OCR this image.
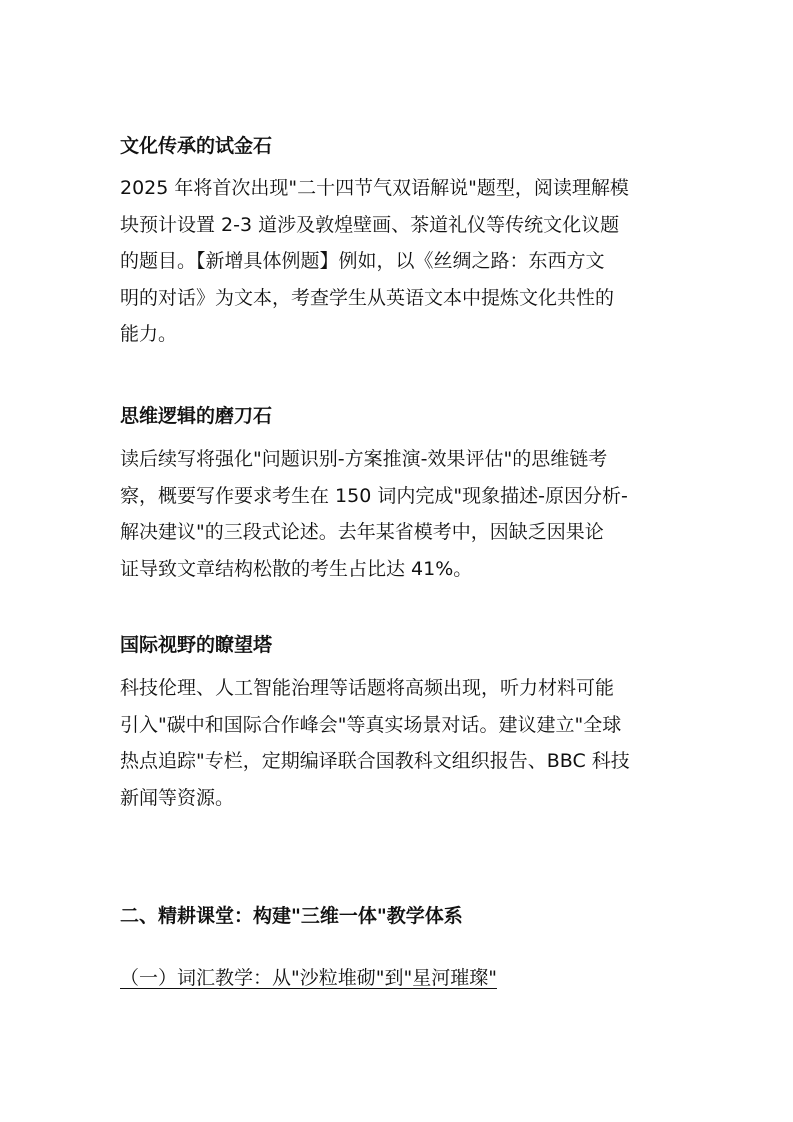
文化传承的试金石
2025 年将首次出现"二十四节气双语解说"题型，阅读理解模
块预计设置 2-3 道涉及敦煌壁画、茶道礼仪等传统文化议题
的题目。【新增具体例题】例如，以《丝绸之路：东西方文
明的对话》为文本，考查学生从英语文本中提炼文化共性的
能力。
思维逻辑的磨刀石
读后续写将强化"问题识别-方案推演-效果评估"的思维链考
察，概要写作要求考生在 150 词内完成"现象描述-原因分析-
解决建议"的三段式论述。去年某省模考中，因缺乏因果论
证导致文章结构松散的考生占比达 41%。
国际视野的瞭望塔
科技伦理、人工智能治理等话题将高频出现，听力材料可能
引入"碳中和国际合作峰会"等真实场景对话。建议建立"全球
热点追踪"专栏，定期编译联合国教科文组织报告、BBC 科技
新闻等资源。
二、精耕课堂：构建"三维一体"教学体系
（一）词汇教学：从"沙粒堆砌"到"星河璀璨"
